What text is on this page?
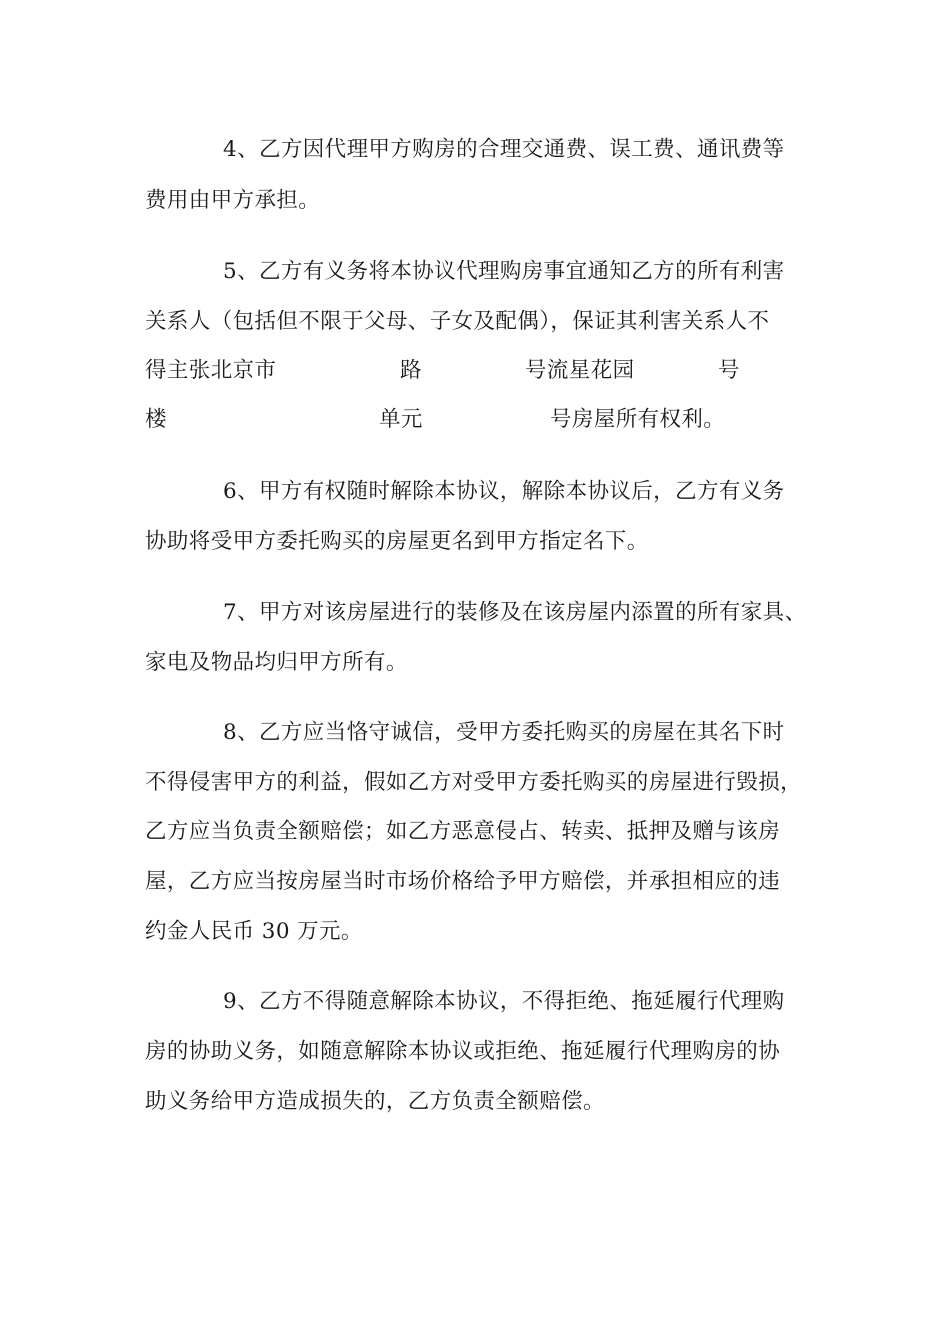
4、乙方因代理甲方购房的合理交通费、误工费、通讯费等
费用由甲方承担。
5、乙方有义务将本协议代理购房事宜通知乙方的所有利害
关系人（包括但不限于父母、子女及配偶），保证其利害关系人不
得主张北京市	路	号流星花园	号
楼	单元	号房屋所有权利。
6、甲方有权随时解除本协议，解除本协议后，乙方有义务
协助将受甲方委托购买的房屋更名到甲方指定名下。
7、甲方对该房屋进行的装修及在该房屋内添置的所有家具、
家电及物品均归甲方所有。
8、乙方应当恪守诚信，受甲方委托购买的房屋在其名下时
不得侵害甲方的利益，假如乙方对受甲方委托购买的房屋进行毁损，
乙方应当负责全额赔偿；如乙方恶意侵占、转卖、抵押及赠与该房
屋，乙方应当按房屋当时市场价格给予甲方赔偿，并承担相应的违
约金人民币 30 万元。
9、乙方不得随意解除本协议，不得拒绝、拖延履行代理购
房的协助义务，如随意解除本协议或拒绝、拖延履行代理购房的协
助义务给甲方造成损失的，乙方负责全额赔偿。
